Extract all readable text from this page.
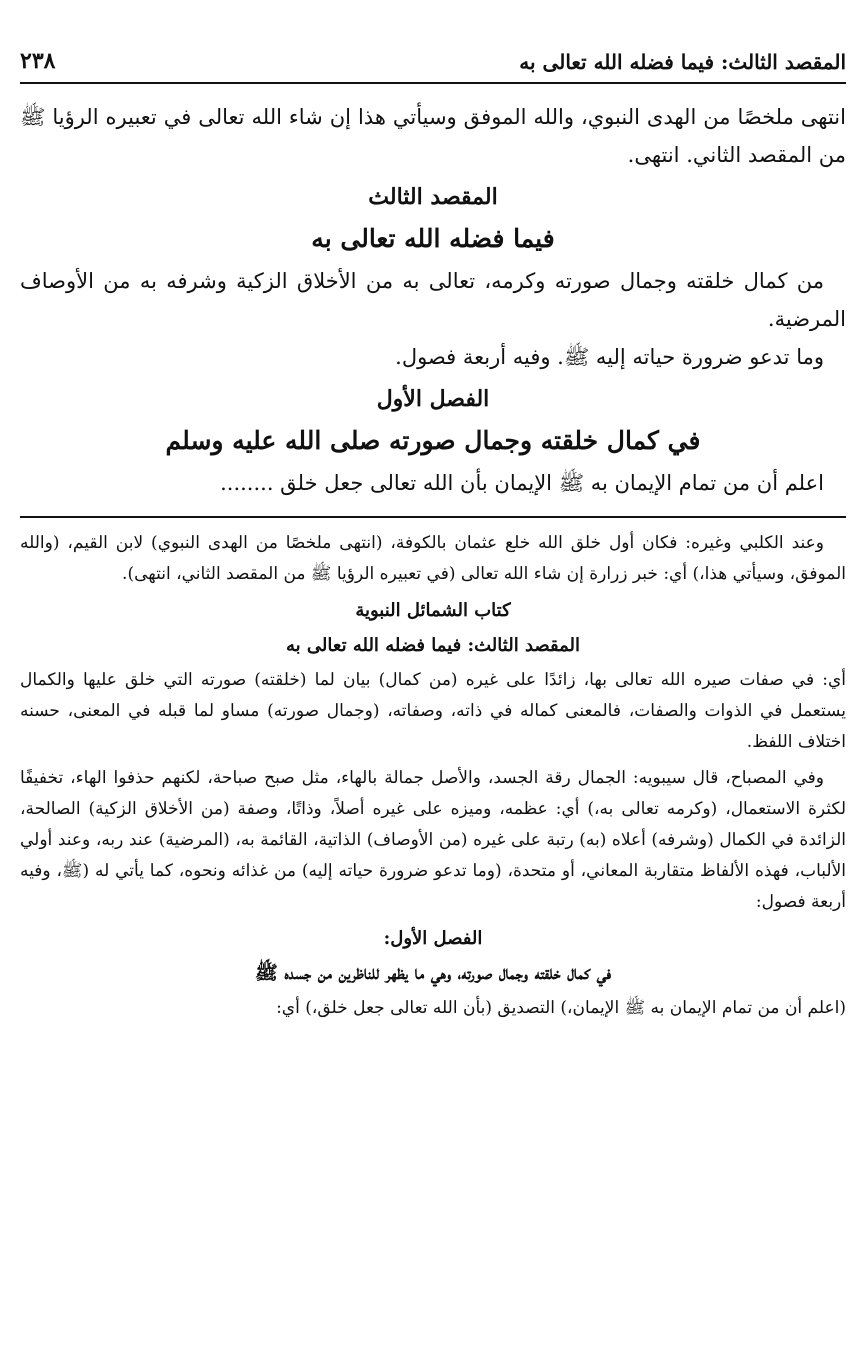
المقصد الثالث: فيما فضله الله تعالى به
٢٣٨

انتهى ملخصًا من الهدى النبوي، والله الموفق وسيأتي هذا إن شاء الله تعالى في تعبيره الرؤيا ﷺ من المقصد الثاني. انتهى.

المقصد الثالث
فيما فضله الله تعالى به

من كمال خلقته وجمال صورته وكرمه، تعالى به من الأخلاق الزكية وشرفه به من الأوصاف المرضية.

وما تدعو ضرورة حياته إليه ﷺ. وفيه أربعة فصول.

الفصل الأول
في كمال خلقته وجمال صورته صلى الله عليه وسلم

اعلم أن من تمام الإيمان به ﷺ الإيمان بأن الله تعالى جعل خلق ........

وعند الكلبي وغيره: فكان أول خلق الله خلع عثمان بالكوفة، (انتهى ملخصًا من الهدى النبوي) لابن القيم، (والله الموفق، وسيأتي هذا،) أي: خبر زرارة إن شاء الله تعالى (في تعبيره الرؤيا ﷺ من المقصد الثاني، انتهى).

كتاب الشمائل النبوية
المقصد الثالث: فيما فضله الله تعالى به

أي: في صفات صيره الله تعالى بها، زائدًا على غيره (من كمال) بيان لما (خلقته) صورته التي خلق عليها والكمال يستعمل في الذوات والصفات، فالمعنى كماله في ذاته، وصفاته، (وجمال صورته) مساو لما قبله في المعنى، حسنه اختلاف اللفظ.

وفي المصباح، قال سيبويه: الجمال رقة الجسد، والأصل جمالة بالهاء، مثل صبح صباحة، لكنهم حذفوا الهاء، تخفيفًا لكثرة الاستعمال، (وكرمه تعالى به،) أي: عظمه، وميزه على غيره أصلاً، وذاتًا، وصفة (من الأخلاق الزكية) الصالحة، الزائدة في الكمال (وشرفه) أعلاه (به) رتبة على غيره (من الأوصاف) الذاتية، القائمة به، (المرضية) عند ربه، وعند أولي الألباب، فهذه الألفاظ متقاربة المعاني، أو متحدة، (وما تدعو ضرورة حياته إليه) من غذائه ونحوه، كما يأتي له (ﷺ، وفيه أربعة فصول:

الفصل الأول:
في كمال خلقته وجمال صورته، وهي ما يظهر للناظرين من جسده ﷺ

(اعلم أن من تمام الإيمان به ﷺ الإيمان،) التصديق (بأن الله تعالى جعل خلق،) أي:
